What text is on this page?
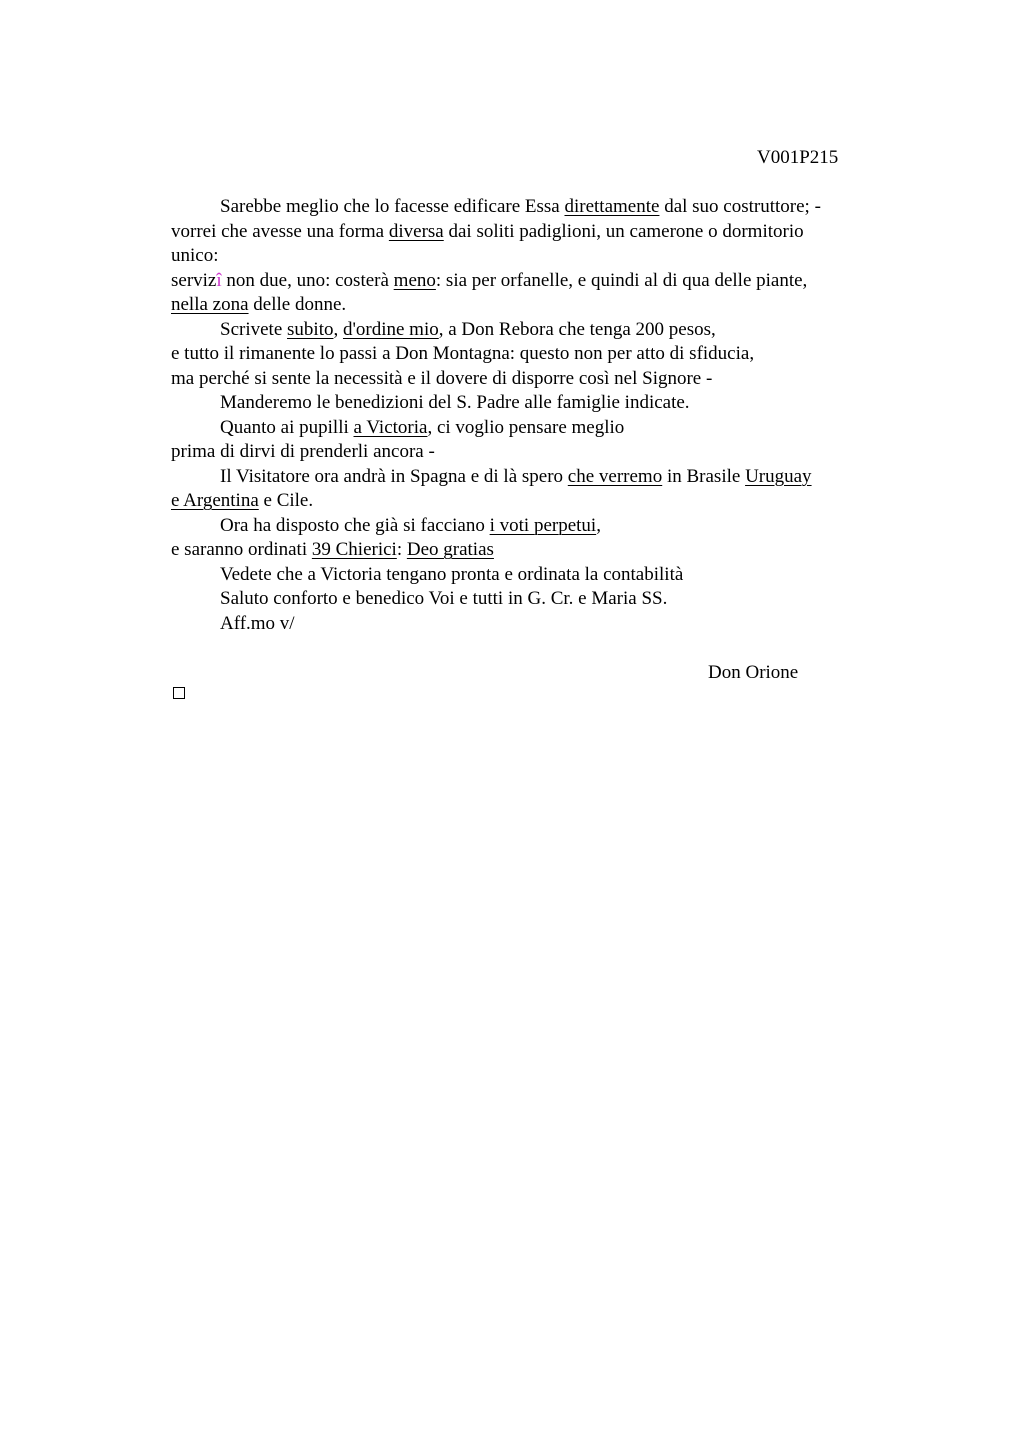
V001P215
Sarebbe meglio che lo facesse edificare Essa direttamente dal suo costruttore; -
vorrei che avesse una forma diversa dai soliti padiglioni, un camerone o dormitorio
unico:
servizî non due, uno: costerà meno: sia per orfanelle, e quindi al di qua delle piante,
nella zona delle donne.
Scrivete subito, d'ordine mio, a Don Rebora che tenga 200 pesos,
e tutto il rimanente lo passi a Don Montagna: questo non per atto di sfiducia,
ma perché si sente la necessità e il dovere di disporre così nel Signore -
Manderemo le benedizioni del S. Padre alle famiglie indicate.
Quanto ai pupilli a Victoria, ci voglio pensare meglio
prima di dirvi di prenderli ancora -
Il Visitatore ora andrà in Spagna e di là spero che verremo in Brasile Uruguay
e Argentina e Cile.
Ora ha disposto che già si facciano i voti perpetui,
e saranno ordinati 39 Chierici: Deo gratias
Vedete che a Victoria tengano pronta e ordinata la contabilità
Saluto conforto e benedico Voi e tutti in G. Cr. e Maria SS.
Aff.mo v/
Don Orione
